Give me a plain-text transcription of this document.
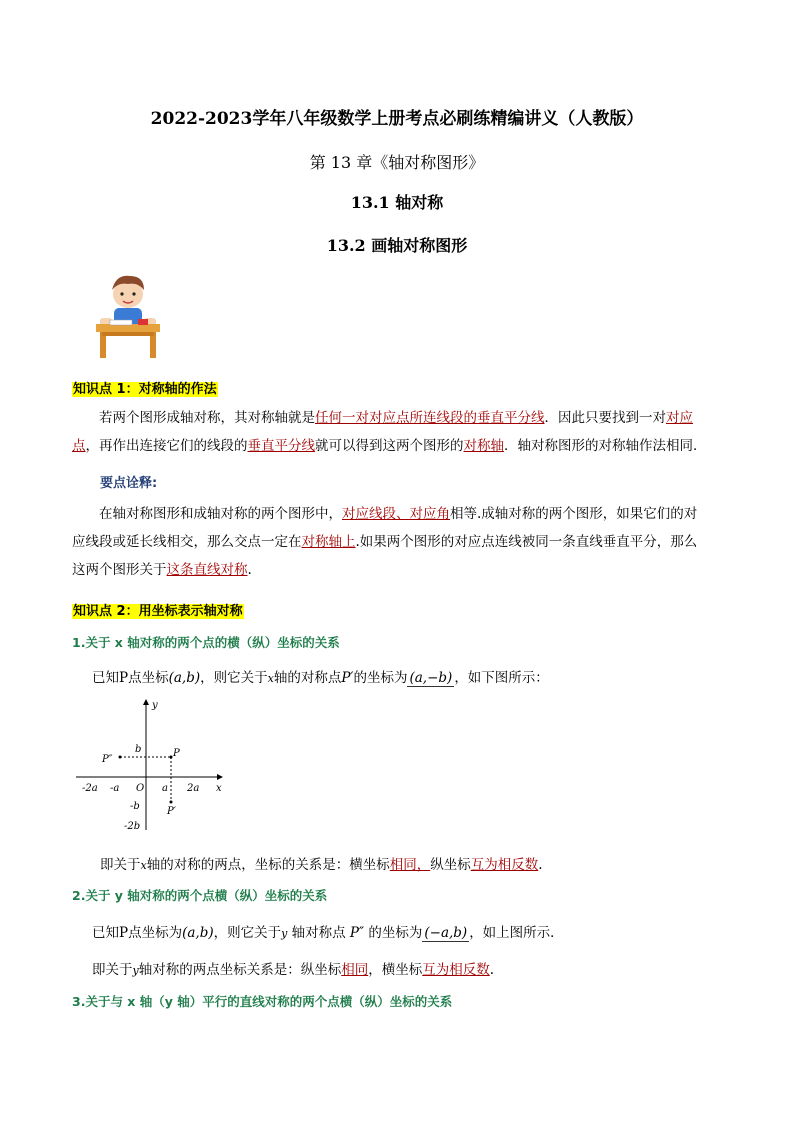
2022-2023学年八年级数学上册考点必刷练精编讲义（人教版）
第 13 章《轴对称图形》
13.1 轴对称
13.2 画轴对称图形
知识点 1：对称轴的作法
若两个图形成轴对称，其对称轴就是任何一对对应点所连线段的垂直平分线．因此只要找到一对对应
点，再作出连接它们的线段的垂直平分线就可以得到这两个图形的对称轴．轴对称图形的对称轴作法相同．
要点诠释:
在轴对称图形和成轴对称的两个图形中，对应线段、对应角相等.成轴对称的两个图形，如果它们的对
应线段或延长线相交，那么交点一定在对称轴上.如果两个图形的对应点连线被同一条直线垂直平分，那么
这两个图形关于这条直线对称.
知识点 2：用坐标表示轴对称
1.关于 x 轴对称的两个点的横（纵）坐标的关系
已知P点坐标(a,b)，则它关于x轴的对称点P′的坐标为 (a,−b) ，如下图所示：
y
x
O
P
P″
P′
b
-b
-2b
a
-a
-2a	2a
即关于x轴的对称的两点，坐标的关系是：横坐标相同，纵坐标互为相反数.
2.关于 y 轴对称的两个点横（纵）坐标的关系
已知P点坐标为(a,b)，则它关于y 轴对称点 P″ 的坐标为 (−a,b) ，如上图所示．
即关于y轴对称的两点坐标关系是：纵坐标相同，横坐标互为相反数.
3.关于与 x 轴（y 轴）平行的直线对称的两个点横（纵）坐标的关系
